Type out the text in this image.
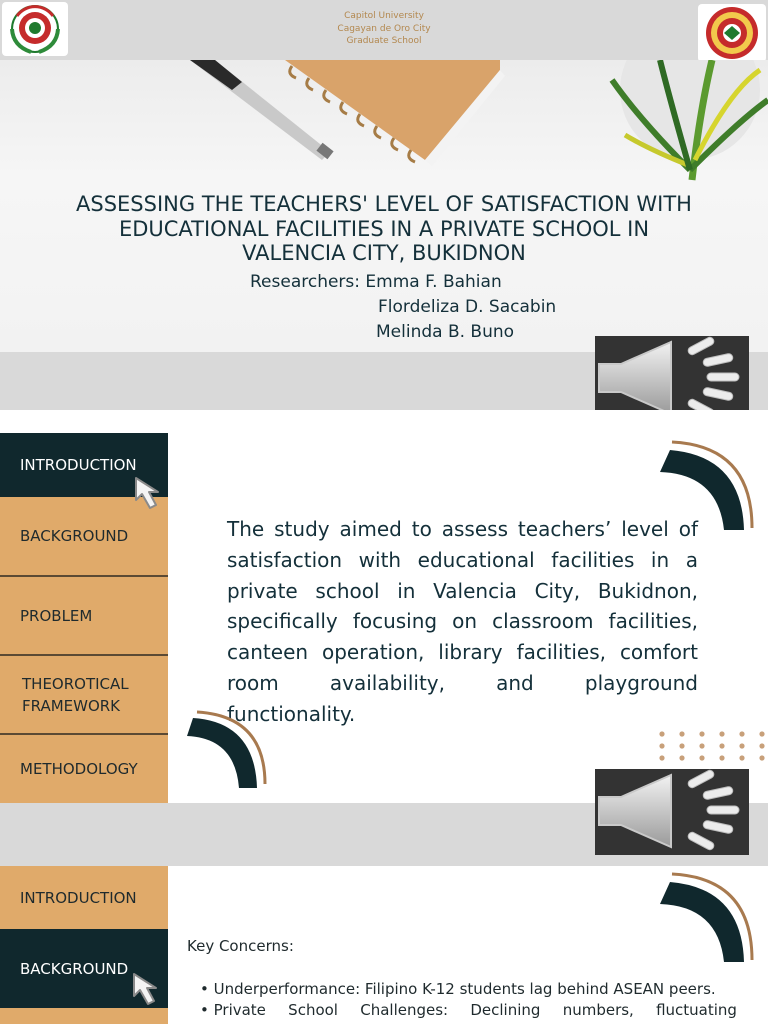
Capitol University
Cagayan de Oro City
Graduate School
ASSESSING THE TEACHERS' LEVEL OF SATISFACTION WITH
EDUCATIONAL FACILITIES IN A PRIVATE SCHOOL IN
VALENCIA CITY, BUKIDNON
Researchers: Emma F. Bahian
Flordeliza D. Sacabin
Melinda B. Buno
INTRODUCTION
BACKGROUND
PROBLEM
THEOROTICAL
FRAMEWORK
METHODOLOGY
The study aimed to assess teachers’ level of satisfaction with educational facilities in a private school in Valencia City, Bukidnon, specifically focusing on classroom facilities, canteen operation, library facilities, comfort room availability, and playground functionality.
INTRODUCTION
BACKGROUND
Key Concerns:
• Underperformance: Filipino K-12 students lag behind ASEAN peers.
• Private School Challenges: Declining numbers, fluctuating
